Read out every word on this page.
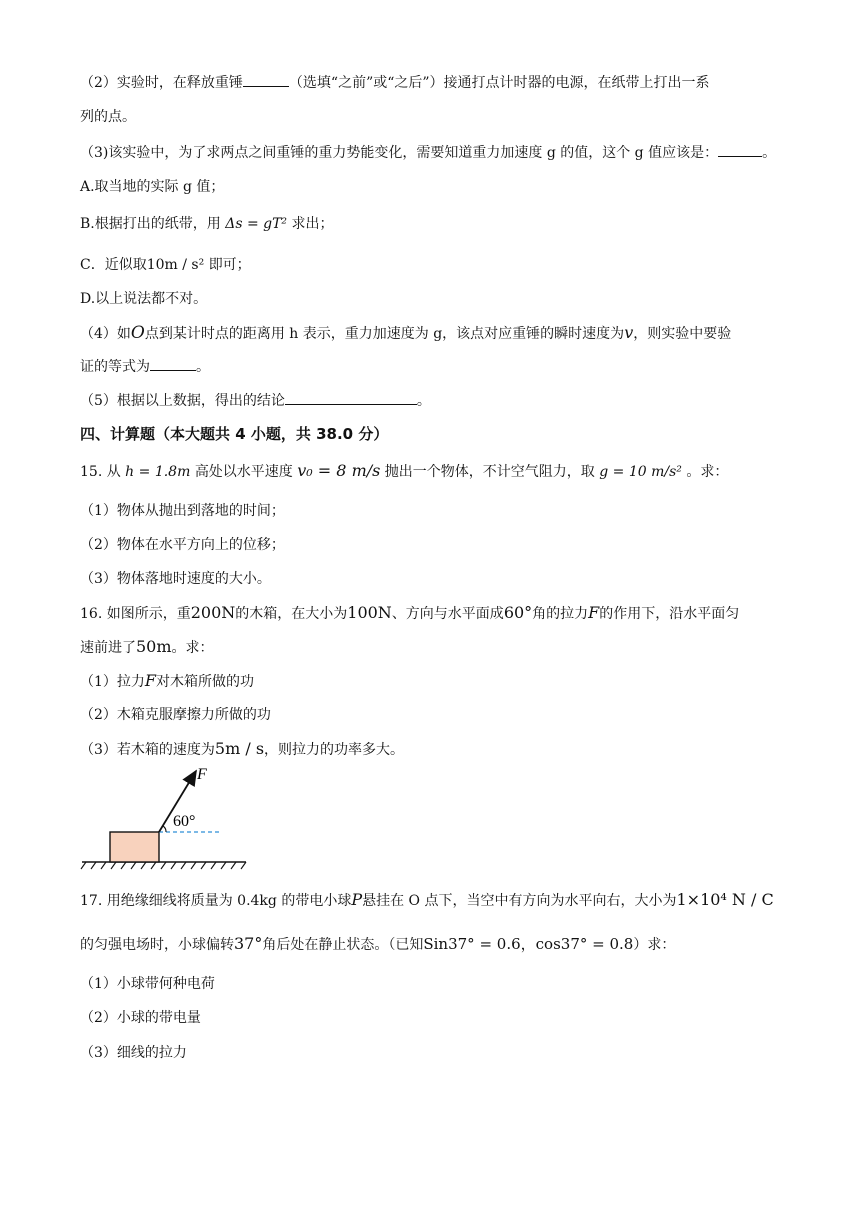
（2）实验时，在释放重锤	（选填“之前”或“之后”）接通打点计时器的电源，在纸带上打出一系
列的点。
（3)该实验中，为了求两点之间重锤的重力势能变化，需要知道重力加速度 g 的值，这个 g 值应该是：	。
A.取当地的实际 g 值；
B.根据打出的纸带，用 Δs = gT² 求出；
C．近似取10m / s² 即可；
D.以上说法都不对。
（4）如O点到某计时点的距离用 h 表示，重力加速度为 g，该点对应重锤的瞬时速度为v，则实验中要验
证的等式为	。
（5）根据以上数据，得出的结论	。
四、计算题（本大题共 4 小题，共 38.0 分）
15. 从 h = 1.8m 高处以水平速度 v₀ = 8 m/s 抛出一个物体，不计空气阻力，取 g = 10 m/s² 。求：
（1）物体从抛出到落地的时间；
（2）物体在水平方向上的位移；
（3）物体落地时速度的大小。
16. 如图所示，重200N的木箱，在大小为100N、方向与水平面成60°角的拉力F的作用下，沿水平面匀
速前进了50m。求：
（1）拉力F对木箱所做的功
（2）木箱克服摩擦力所做的功
（3）若木箱的速度为5m / s，则拉力的功率多大。
F
60°
17. 用绝缘细线将质量为 0.4kg 的带电小球P悬挂在 O 点下，当空中有方向为水平向右，大小为1×10⁴ N / C
的匀强电场时，小球偏转37°角后处在静止状态。（已知Sin37° = 0.6，cos37° = 0.8）求：
（1）小球带何种电荷
（2）小球的带电量
（3）细线的拉力
